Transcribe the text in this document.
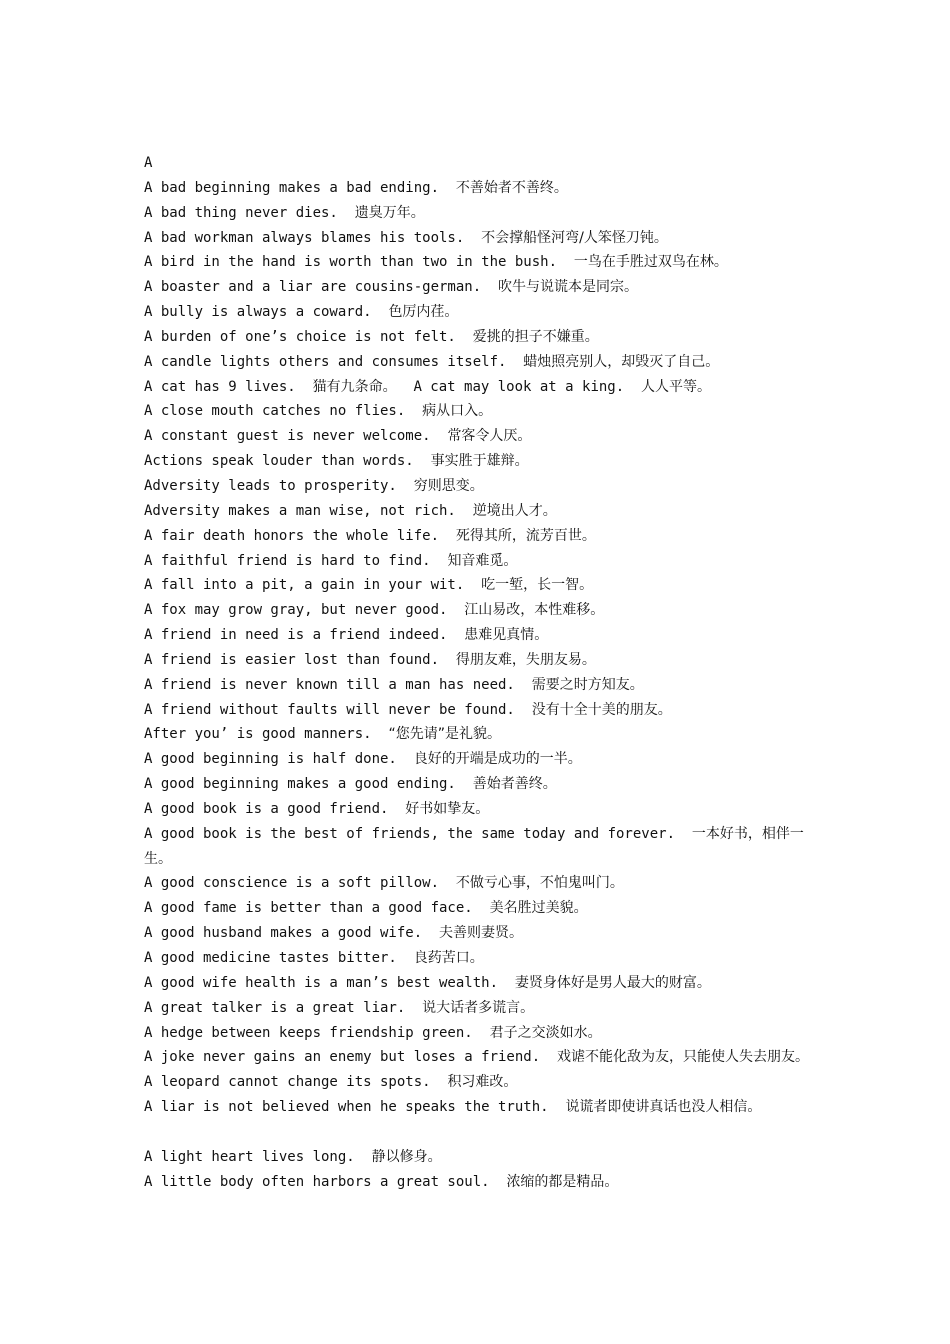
A
A bad beginning makes a bad ending. 不善始者不善终。
A bad thing never dies. 遗臭万年。
A bad workman always blames his tools. 不会撑船怪河弯/人笨怪刀钝。
A bird in the hand is worth than two in the bush. 一鸟在手胜过双鸟在林。
A boaster and a liar are cousins-german. 吹牛与说谎本是同宗。
A bully is always a coward. 色厉内荏。
A burden of one’s choice is not felt. 爱挑的担子不嫌重。
A candle lights others and consumes itself. 蜡烛照亮别人，却毁灭了自己。
A cat has 9 lives. 猫有九条命。 A cat may look at a king. 人人平等。
A close mouth catches no flies. 病从口入。
A constant guest is never welcome. 常客令人厌。
Actions speak louder than words. 事实胜于雄辩。
Adversity leads to prosperity. 穷则思变。
Adversity makes a man wise, not rich. 逆境出人才。
A fair death honors the whole life. 死得其所，流芳百世。
A faithful friend is hard to find. 知音难觅。
A fall into a pit, a gain in your wit. 吃一堑，长一智。
A fox may grow gray, but never good. 江山易改，本性难移。
A friend in need is a friend indeed. 患难见真情。
A friend is easier lost than found. 得朋友难，失朋友易。
A friend is never known till a man has need. 需要之时方知友。
A friend without faults will never be found. 没有十全十美的朋友。
After you’ is good manners. “您先请”是礼貌。
A good beginning is half done. 良好的开端是成功的一半。
A good beginning makes a good ending. 善始者善终。
A good book is a good friend. 好书如挚友。
A good book is the best of friends, the same today and forever. 一本好书，相伴一生。
A good conscience is a soft pillow. 不做亏心事，不怕鬼叫门。
A good fame is better than a good face. 美名胜过美貌。
A good husband makes a good wife. 夫善则妻贤。
A good medicine tastes bitter. 良药苦口。
A good wife health is a man’s best wealth. 妻贤身体好是男人最大的财富。
A great talker is a great liar. 说大话者多谎言。
A hedge between keeps friendship green. 君子之交淡如水。
A joke never gains an enemy but loses a friend. 戏谑不能化敌为友，只能使人失去朋友。
A leopard cannot change its spots. 积习难改。
A liar is not believed when he speaks the truth. 说谎者即使讲真话也没人相信。
A light heart lives long. 静以修身。
A little body often harbors a great soul. 浓缩的都是精品。
